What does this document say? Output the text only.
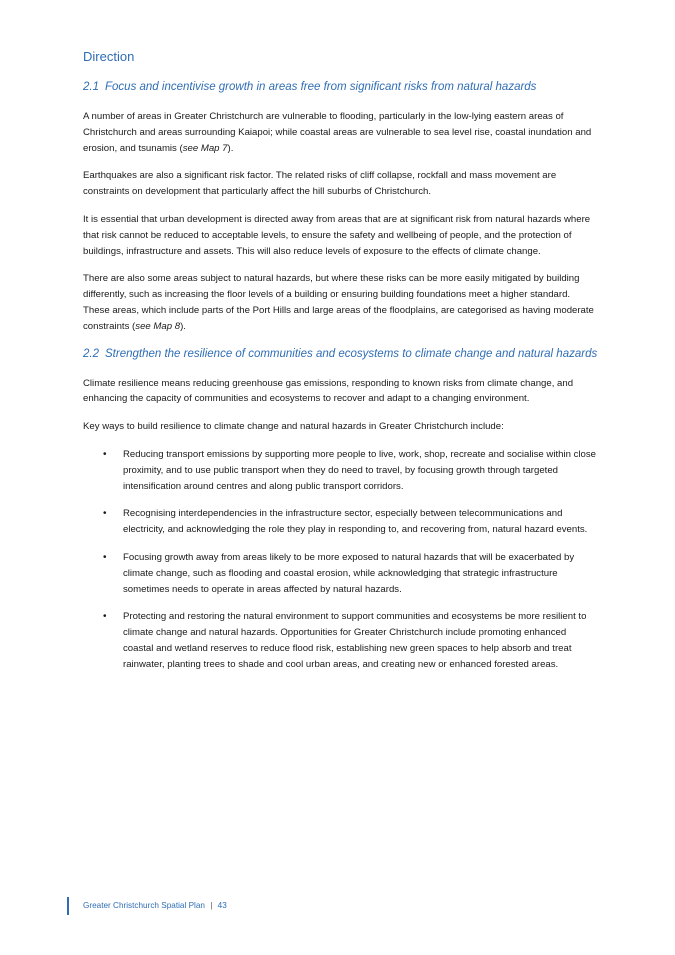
Direction
2.1 Focus and incentivise growth in areas free from significant risks from natural hazards

A number of areas in Greater Christchurch are vulnerable to flooding, particularly in the low-lying eastern areas of Christchurch and areas surrounding Kaiapoi; while coastal areas are vulnerable to sea level rise, coastal inundation and erosion, and tsunamis (see Map 7).

Earthquakes are also a significant risk factor. The related risks of cliff collapse, rockfall and mass movement are constraints on development that particularly affect the hill suburbs of Christchurch.

It is essential that urban development is directed away from areas that are at significant risk from natural hazards where that risk cannot be reduced to acceptable levels, to ensure the safety and wellbeing of people, and the protection of buildings, infrastructure and assets. This will also reduce levels of exposure to the effects of climate change.

There are also some areas subject to natural hazards, but where these risks can be more easily mitigated by building differently, such as increasing the floor levels of a building or ensuring building foundations meet a higher standard. These areas, which include parts of the Port Hills and large areas of the floodplains, are categorised as having moderate constraints (see Map 8).

2.2 Strengthen the resilience of communities and ecosystems to climate change and natural hazards

Climate resilience means reducing greenhouse gas emissions, responding to known risks from climate change, and enhancing the capacity of communities and ecosystems to recover and adapt to a changing environment.

Key ways to build resilience to climate change and natural hazards in Greater Christchurch include:

• Reducing transport emissions by supporting more people to live, work, shop, recreate and socialise within close proximity, and to use public transport when they do need to travel, by focusing growth through targeted intensification around centres and along public transport corridors.
• Recognising interdependencies in the infrastructure sector, especially between telecommunications and electricity, and acknowledging the role they play in responding to, and recovering from, natural hazard events.
• Focusing growth away from areas likely to be more exposed to natural hazards that will be exacerbated by climate change, such as flooding and coastal erosion, while acknowledging that strategic infrastructure sometimes needs to operate in areas affected by natural hazards.
• Protecting and restoring the natural environment to support communities and ecosystems be more resilient to climate change and natural hazards. Opportunities for Greater Christchurch include promoting enhanced coastal and wetland reserves to reduce flood risk, establishing new green spaces to help absorb and treat rainwater, planting trees to shade and cool urban areas, and creating new or enhanced forested areas.
Greater Christchurch Spatial Plan | 43
